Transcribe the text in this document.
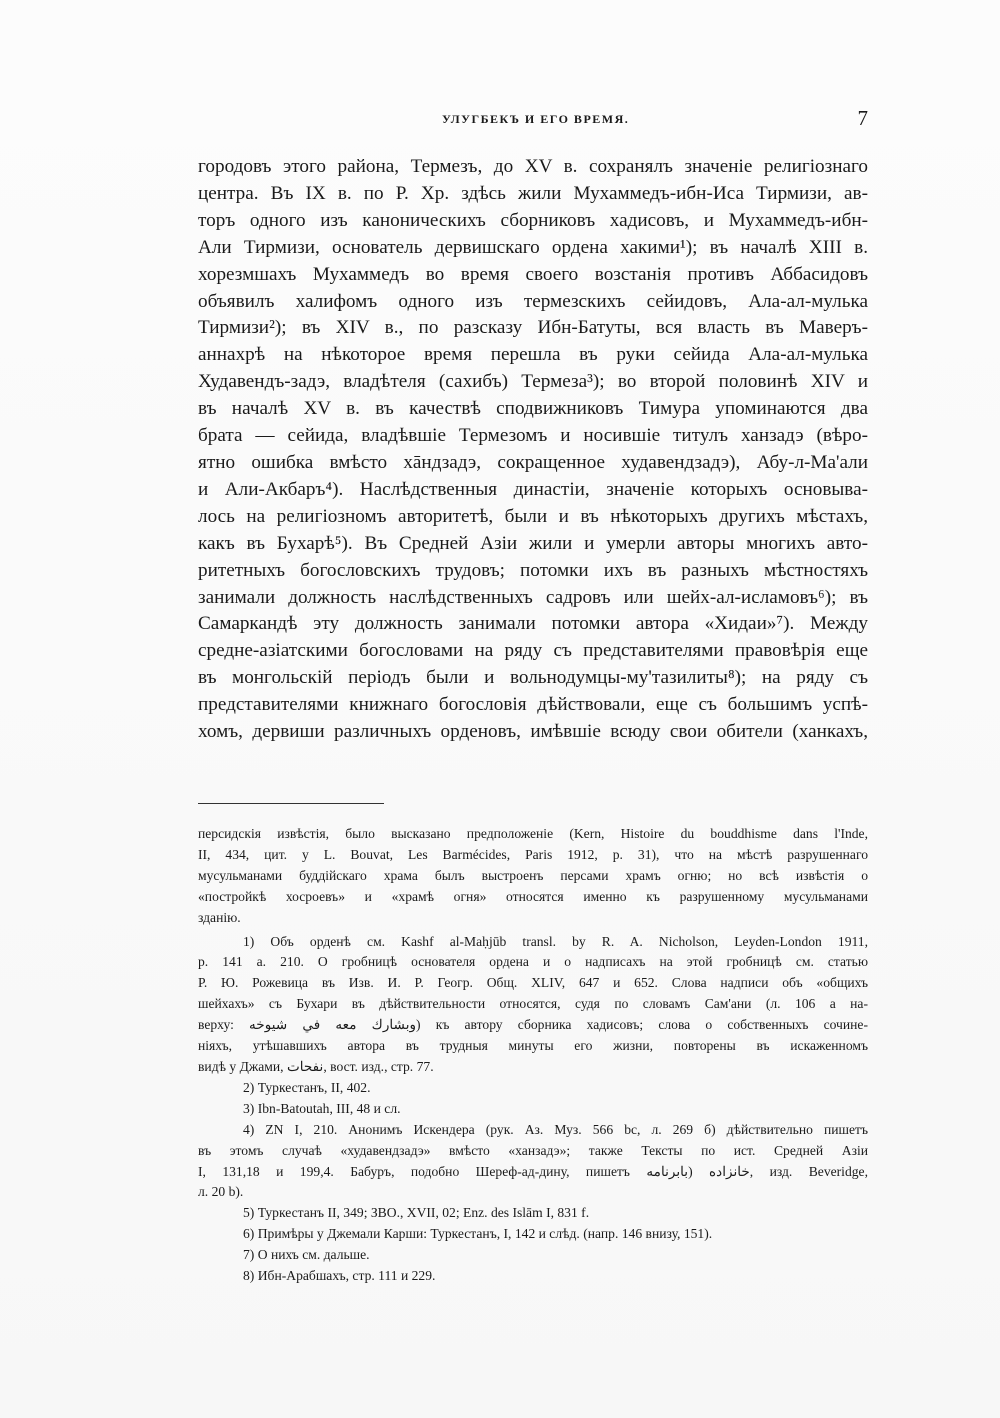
УЛУГБЕКЪ И ЕГО ВРЕМЯ.	7
городовъ этого района, Термезъ, до XV в. сохранялъ значеніе религіознаго
центра. Въ IX в. по Р. Хр. здѣсь жили Мухаммедъ-ибн-Иса Тирмизи, ав-
торъ одного изъ каноническихъ сборниковъ хадисовъ, и Мухаммедъ-ибн-
Али Тирмизи, основатель дервишскаго ордена хакими¹); въ началѣ XIII в.
хорезмшахъ Мухаммедъ во время своего возстанія противъ Аббасидовъ
объявилъ халифомъ одного изъ термезскихъ сейидовъ, Ала-ал-мулька
Тирмизи²); въ XIV в., по разсказу Ибн-Батуты, вся власть въ Маверъ-
аннахрѣ на нѣкоторое время перешла въ руки сейида Ала-ал-мулька
Худавендъ-задэ, владѣтеля (сахибъ) Термеза³); во второй половинѣ XIV и
въ началѣ XV в. въ качествѣ сподвижниковъ Тимура упоминаются два
брата — сейида, владѣвшіе Термезомъ и носившіе титулъ ханзадэ (вѣро-
ятно ошибка вмѣсто хāндзадэ, сокращенное худавендзадэ), Абу-л-Ма'али
и Али-Акбаръ⁴). Наслѣдственныя династіи, значеніе которыхъ основыва-
лось на религіозномъ авторитетѣ, были и въ нѣкоторыхъ другихъ мѣстахъ,
какъ въ Бухарѣ⁵). Въ Средней Азіи жили и умерли авторы многихъ авто-
ритетныхъ богословскихъ трудовъ; потомки ихъ въ разныхъ мѣстностяхъ
занимали должность наслѣдственныхъ садровъ или шейх-ал-исламовъ⁶); въ
Самаркандѣ эту должность занимали потомки автора «Хидаи»⁷). Между
средне-азіатскими богословами на ряду съ представителями правовѣрія еще
въ монгольскій періодъ были и вольнодумцы-му'тазилиты⁸); на ряду съ
представителями книжнаго богословія дѣйствовали, еще съ большимъ успѣ-
хомъ, дервиши различныхъ орденовъ, имѣвшіе всюду свои обители (ханкахъ,
персидскія извѣстія, было высказано предположеніе (Kern, Histoire du bouddhisme dans l'Inde,
II, 434, цит. у L. Bouvat, Les Barmécides, Paris 1912, p. 31), что на мѣстѣ разрушеннаго
мусульманами буддійскаго храма былъ выстроенъ персами храмъ огню; но всѣ извѣстія о
«постройкѣ хосроевъ» и «храмѣ огня» относятся именно къ разрушенному мусульманами
зданію.
1) Объ орденѣ см. Kashf al-Maḥjūb transl. by R. A. Nicholson, Leyden-London 1911,
p. 141 a. 210. О гробницѣ основателя ордена и о надписахъ на этой гробницѣ см. статью
Р. Ю. Рожевица въ Изв. И. Р. Геогр. Общ. XLIV, 647 и 652. Слова надписи объ «общихъ
шейхахъ» съ Бухари въ дѣйствительности относятся, судя по словамъ Сам'ани (л. 106 a на-
верху: وبشارك معه في شيوخه) къ автору сборника хадисовъ; слова о собственныхъ сочине-
ніяхъ, утѣшавшихъ автора въ трудныя минуты его жизни, повторены въ искаженномъ
видѣ у Джами, نفحات, вост. изд., стр. 77.
2) Туркестанъ, II, 402.
3) Ibn-Batoutah, III, 48 и сл.
4) ZN I, 210. Анонимъ Искендера (рук. Аз. Муз. 566 bc, л. 269 б) дѣйствительно пишетъ
въ этомъ случаѣ «худавендзадэ» вмѣсто «ханзадэ»; также Тексты по ист. Средней Азіи
I, 131,18 и 199,4. Бабуръ, подобно Шереф-ад-дину, пишетъ خانزاده (بابرنامه, изд. Beveridge,
л. 20 b).
5) Туркестанъ II, 349; ЗВО., XVII, 02; Enz. des Islām I, 831 f.
6) Примѣры у Джемали Карши: Туркестанъ, I, 142 и слѣд. (напр. 146 внизу, 151).
7) О нихъ см. дальше.
8) Ибн-Арабшахъ, стр. 111 и 229.
